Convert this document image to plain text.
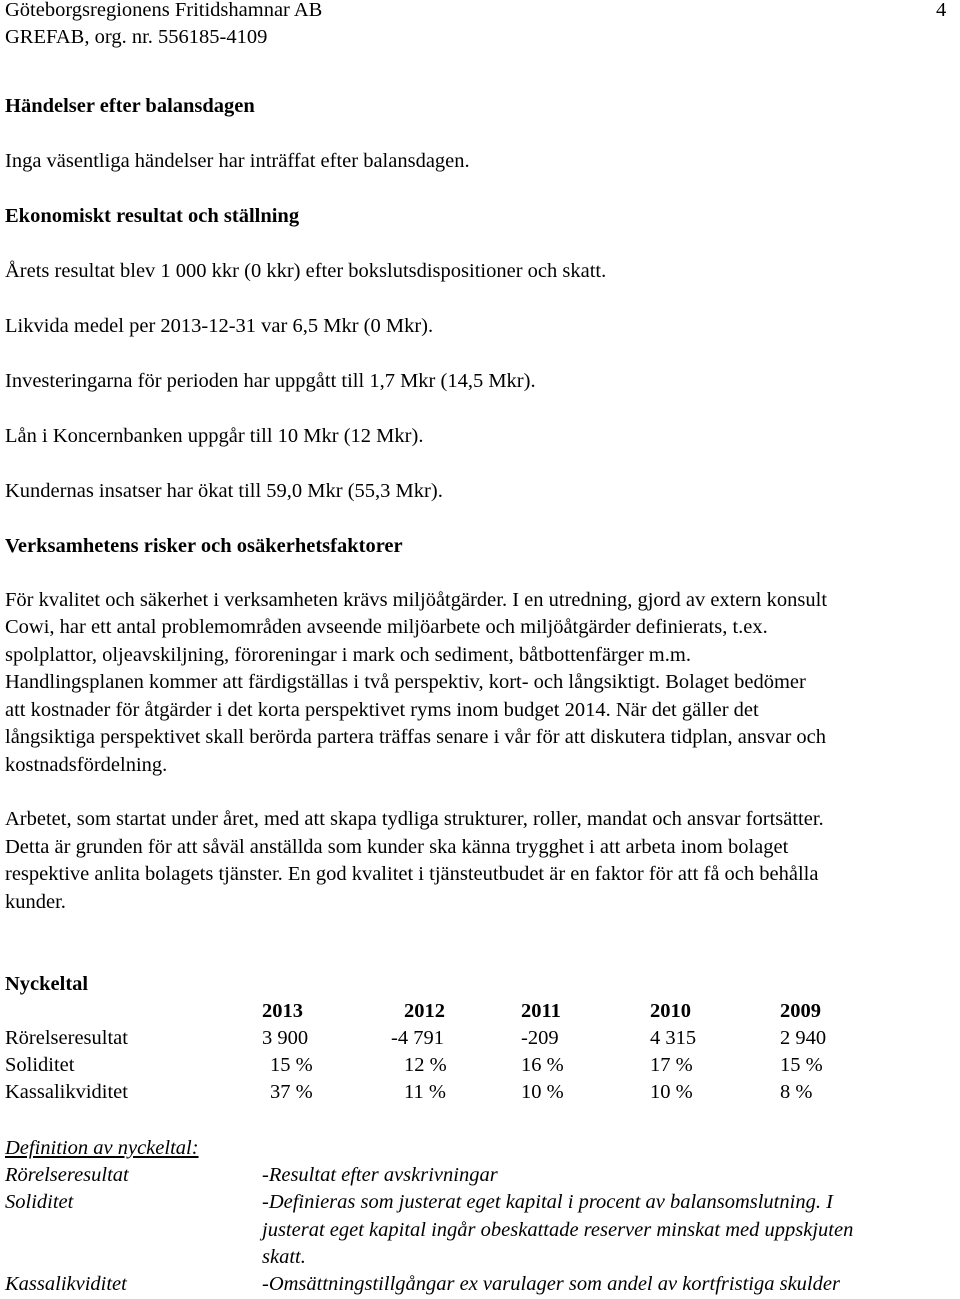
Göteborgsregionens Fritidshamnar AB	4
GREFAB, org. nr. 556185-4109
Händelser efter balansdagen
Inga väsentliga händelser har inträffat efter balansdagen.
Ekonomiskt resultat och ställning
Årets resultat blev 1 000 kkr (0 kkr) efter bokslutsdispositioner och skatt.
Likvida medel per 2013-12-31 var 6,5 Mkr (0 Mkr).
Investeringarna för perioden har uppgått till 1,7 Mkr (14,5 Mkr).
Lån i Koncernbanken uppgår till 10 Mkr (12 Mkr).
Kundernas insatser har ökat till 59,0 Mkr (55,3 Mkr).
Verksamhetens risker och osäkerhetsfaktorer
För kvalitet och säkerhet i verksamheten krävs miljöåtgärder. I en utredning, gjord av extern konsult
Cowi, har ett antal problemområden avseende miljöarbete och miljöåtgärder definierats, t.ex.
spolplattor, oljeavskiljning, föroreningar i mark och sediment, båtbottenfärger m.m.
Handlingsplanen kommer att färdigställas i två perspektiv, kort- och långsiktigt. Bolaget bedömer
att kostnader för åtgärder i det korta perspektivet ryms inom budget 2014. När det gäller det
långsiktiga perspektivet skall berörda partera träffas senare i vår för att diskutera tidplan, ansvar och
kostnadsfördelning.
Arbetet, som startat under året, med att skapa tydliga strukturer, roller, mandat och ansvar fortsätter.
Detta är grunden för att såväl anställda som kunder ska känna trygghet i att arbeta inom bolaget
respektive anlita bolagets tjänster. En god kvalitet i tjänsteutbudet är en faktor för att få och behålla
kunder.
Nyckeltal
2013	2012	2011	2010	2009
Rörelseresultat	3 900	-4 791	-209	4 315	2 940
Soliditet	15 %	12 %	16 %	17 %	15 %
Kassalikviditet	37 %	11 %	10 %	10 %	8 %
Definition av nyckeltal:
Rörelseresultat	-Resultat efter avskrivningar
Soliditet	-Definieras som justerat eget kapital i procent av balansomslutning. I
justerat eget kapital ingår obeskattade reserver minskat med uppskjuten
skatt.
Kassalikviditet	-Omsättningstillgångar ex varulager som andel av kortfristiga skulder
